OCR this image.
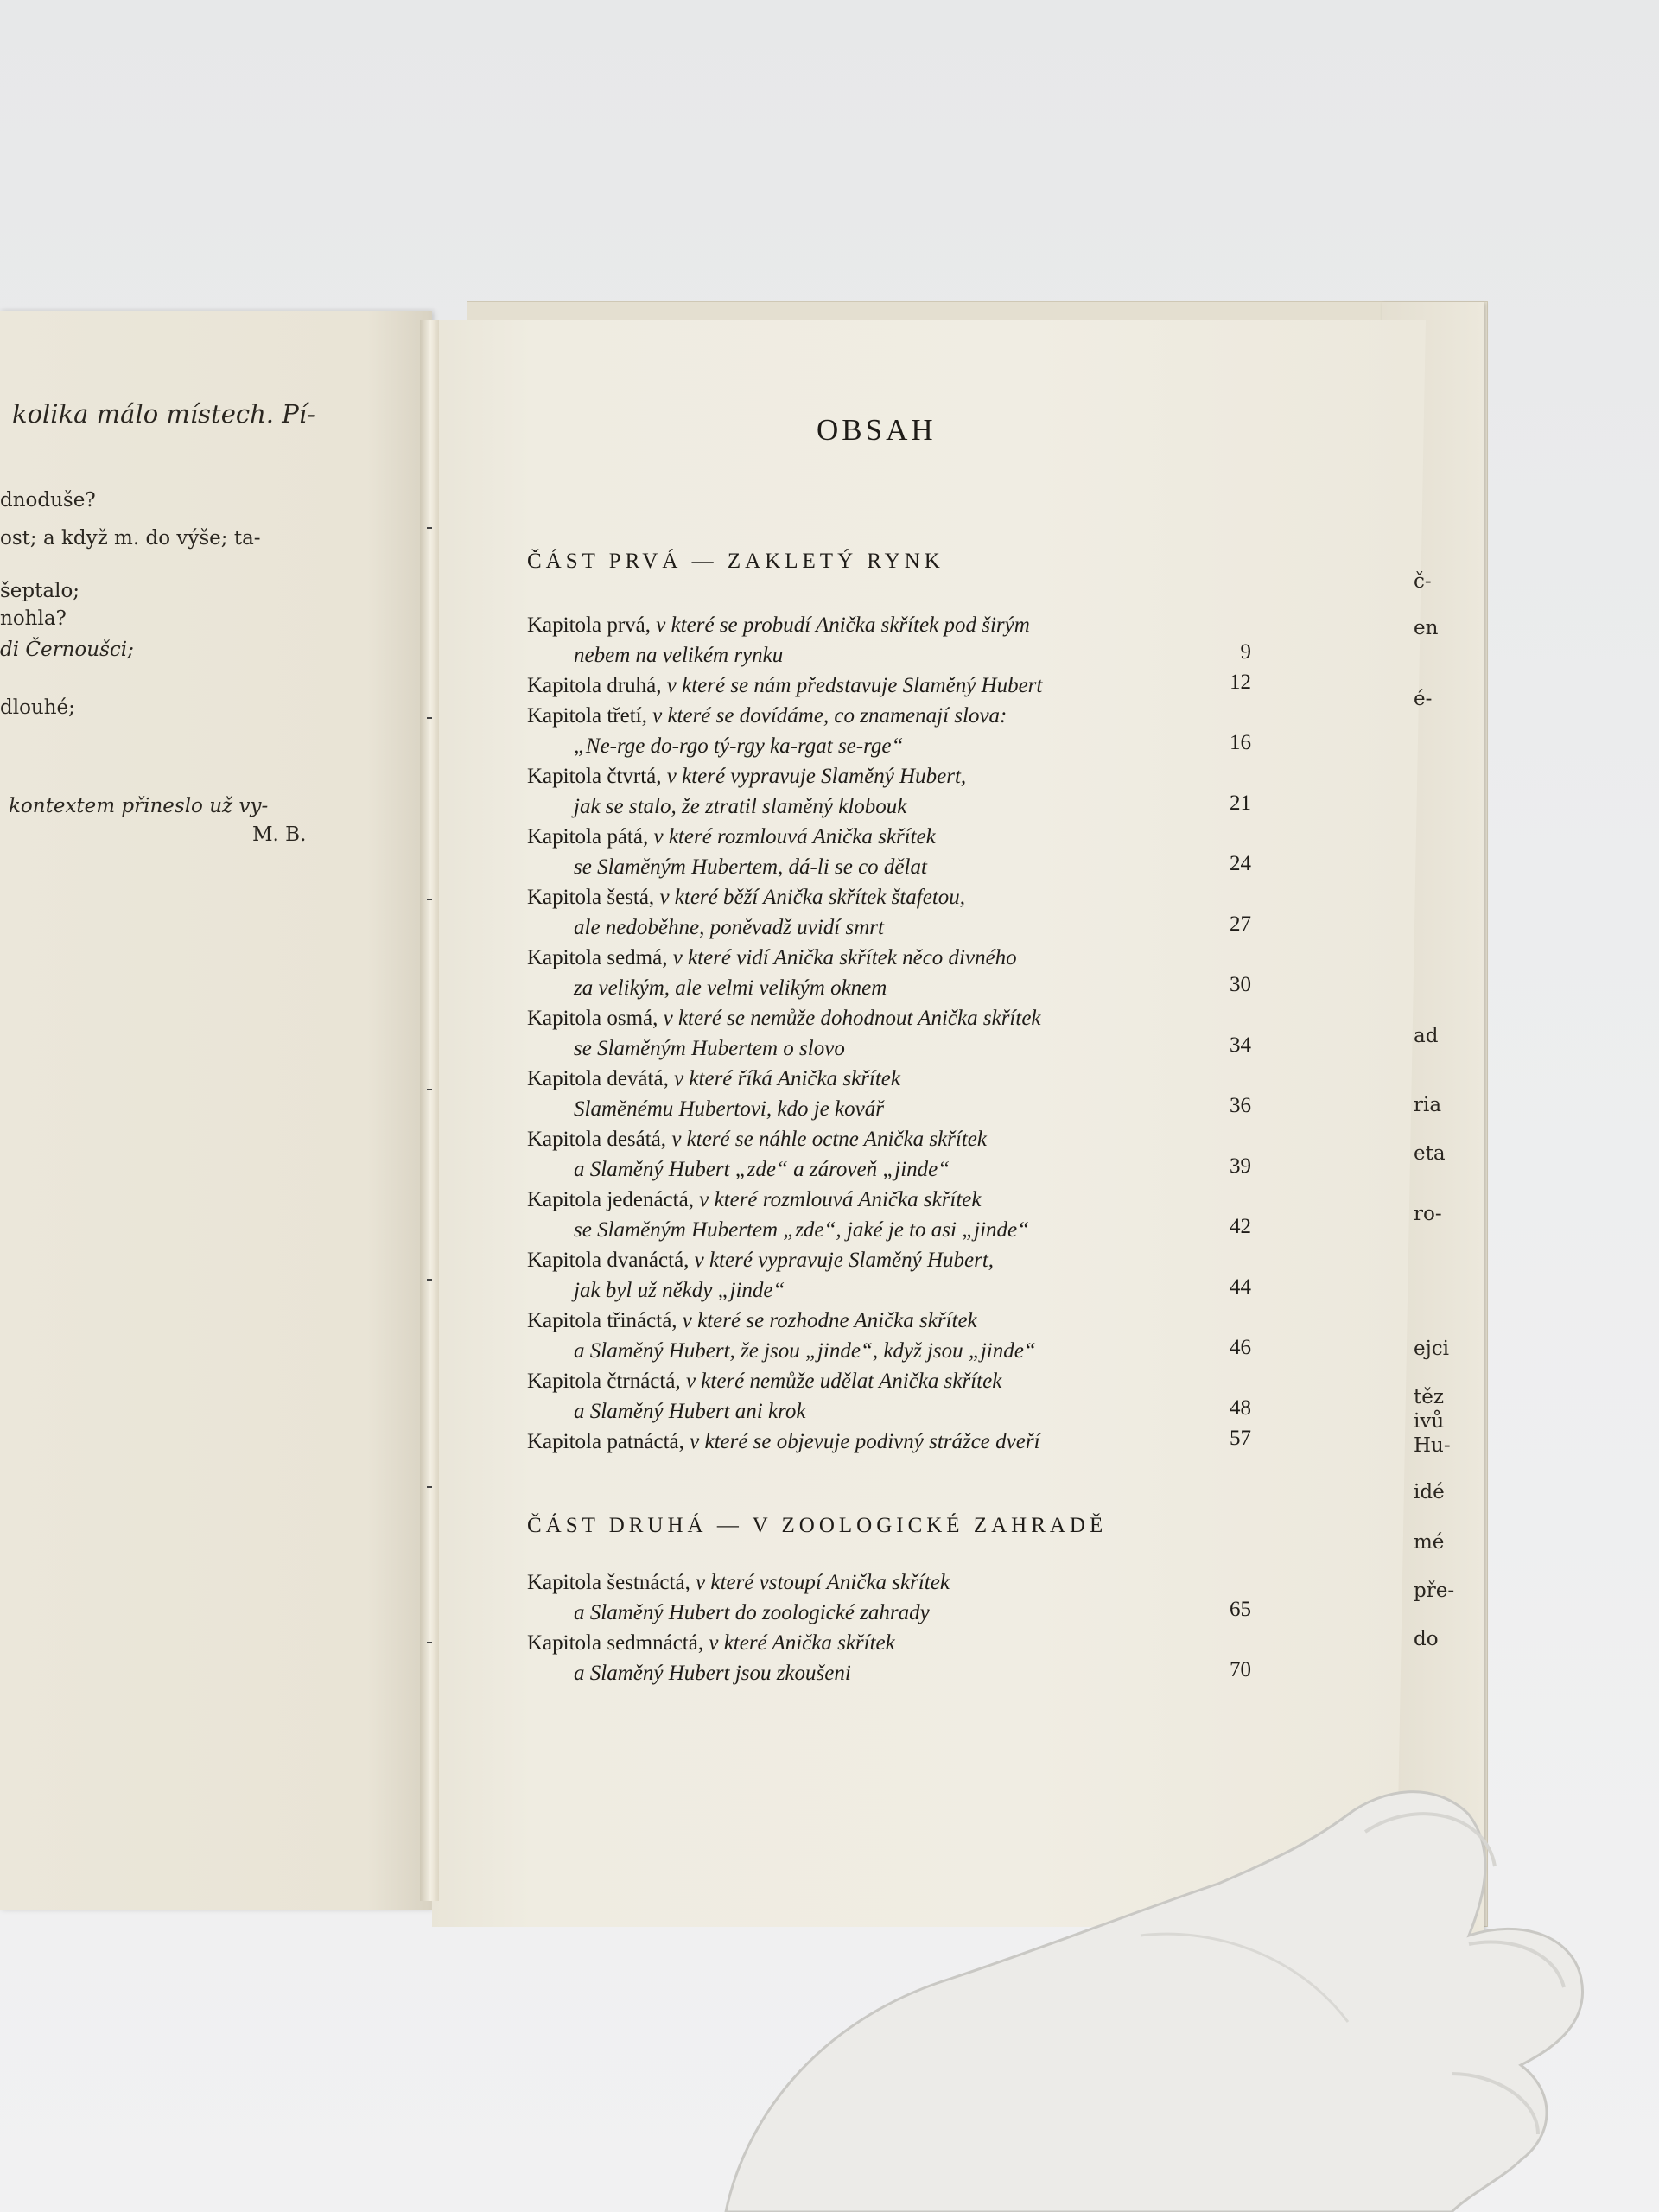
kolika málo místech. Pí-
dnoduše?
ost; a když m. do výše; ta-
šeptalo;
nohla?
di Černoušci;
dlouhé;
kontextem přineslo už vy-
M. B.
č-
en
é-
ad
ria
eta
ro-
ejci
těz
ivů
Hu-
idé
mé
pře-
do
OBSAH
ČÁST PRVÁ — ZAKLETÝ RYNK
ČÁST DRUHÁ — V ZOOLOGICKÉ ZAHRADĚ
Kapitola prvá, v které se probudí Anička skřítek pod širým
nebem na velikém rynku	9
Kapitola druhá, v které se nám představuje Slaměný Hubert	12
Kapitola třetí, v které se dovídáme, co znamenají slova:
„Ne-rge do-rgo tý-rgy ka-rgat se-rge“	16
Kapitola čtvrtá, v které vypravuje Slaměný Hubert,
jak se stalo, že ztratil slaměný klobouk	21
Kapitola pátá, v které rozmlouvá Anička skřítek
se Slaměným Hubertem, dá-li se co dělat	24
Kapitola šestá, v které běží Anička skřítek štafetou,
ale nedoběhne, poněvadž uvidí smrt	27
Kapitola sedmá, v které vidí Anička skřítek něco divného
za velikým, ale velmi velikým oknem	30
Kapitola osmá, v které se nemůže dohodnout Anička skřítek
se Slaměným Hubertem o slovo	34
Kapitola devátá, v které říká Anička skřítek
Slaměnému Hubertovi, kdo je kovář	36
Kapitola desátá, v které se náhle octne Anička skřítek
a Slaměný Hubert „zde“ a zároveň „jinde“	39
Kapitola jedenáctá, v které rozmlouvá Anička skřítek
se Slaměným Hubertem „zde“, jaké je to asi „jinde“	42
Kapitola dvanáctá, v které vypravuje Slaměný Hubert,
jak byl už někdy „jinde“	44
Kapitola třináctá, v které se rozhodne Anička skřítek
a Slaměný Hubert, že jsou „jinde“, když jsou „jinde“	46
Kapitola čtrnáctá, v které nemůže udělat Anička skřítek
a Slaměný Hubert ani krok	48
Kapitola patnáctá, v které se objevuje podivný strážce dveří	57
Kapitola šestnáctá, v které vstoupí Anička skřítek
a Slaměný Hubert do zoologické zahrady	65
Kapitola sedmnáctá, v které Anička skřítek
a Slaměný Hubert jsou zkoušeni	70
